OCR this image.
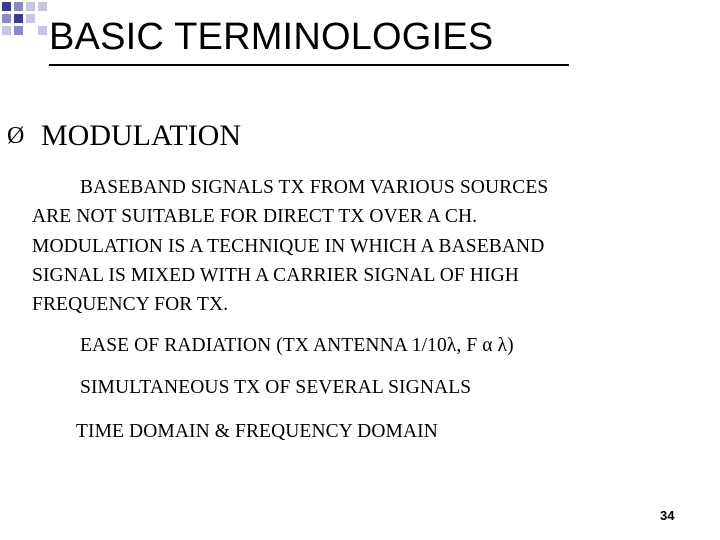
BASIC TERMINOLOGIES
Ø MODULATION
BASEBAND SIGNALS TX FROM VARIOUS SOURCES
ARE NOT SUITABLE FOR DIRECT TX OVER A CH.
MODULATION IS A TECHNIQUE IN WHICH A BASEBAND
SIGNAL IS MIXED WITH A CARRIER SIGNAL OF HIGH
FREQUENCY FOR TX.
EASE OF RADIATION (TX ANTENNA 1/10λ, F α λ)
SIMULTANEOUS TX OF SEVERAL SIGNALS
TIME DOMAIN & FREQUENCY DOMAIN
34
